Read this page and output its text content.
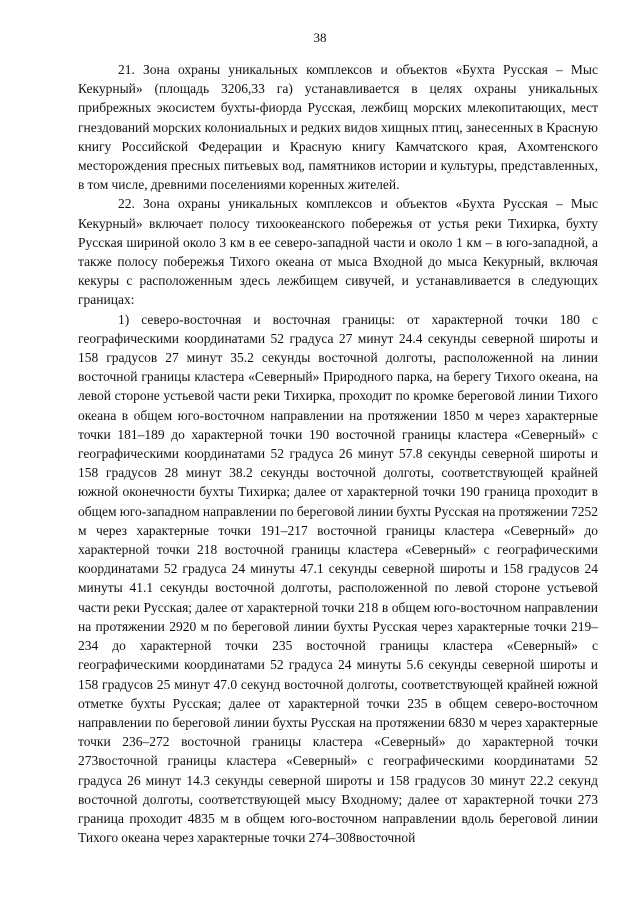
38

21. Зона охраны уникальных комплексов и объектов «Бухта Русская – Мыс Кекурный» (площадь 3206,33 га) устанавливается в целях охраны уникальных прибрежных экосистем бухты-фиорда Русская, лежбищ морских млекопитающих, мест гнездований морских колониальных и редких видов хищных птиц, занесенных в Красную книгу Российской Федерации и Красную книгу Камчатского края, Ахомтенского месторождения пресных питьевых вод, памятников истории и культуры, представленных, в том числе, древними поселениями коренных жителей.

22. Зона охраны уникальных комплексов и объектов «Бухта Русская – Мыс Кекурный» включает полосу тихоокеанского побережья от устья реки Тихирка, бухту Русская шириной около 3 км в ее северо-западной части и около 1 км – в юго-западной, а также полосу побережья Тихого океана от мыса Входной до мыса Кекурный, включая кекуры с расположенным здесь лежбищем сивучей, и устанавливается в следующих границах:

1) северо-восточная и восточная границы: от характерной точки 180 с географическими координатами 52 градуса 27 минут 24.4 секунды северной широты и 158 градусов 27 минут 35.2 секунды восточной долготы, расположенной на линии восточной границы кластера «Северный» Природного парка, на берегу Тихого океана, на левой стороне устьевой части реки Тихирка, проходит по кромке береговой линии Тихого океана в общем юго-восточном направлении на протяжении 1850 м через характерные точки 181–189 до характерной точки 190 восточной границы кластера «Северный» с географическими координатами 52 градуса 26 минут 57.8 секунды северной широты и 158 градусов 28 минут 38.2 секунды восточной долготы, соответствующей крайней южной оконечности бухты Тихирка; далее от характерной точки 190 граница проходит в общем юго-западном направлении по береговой линии бухты Русская на протяжении 7252 м через характерные точки 191–217 восточной границы кластера «Северный» до характерной точки 218 восточной границы кластера «Северный» с географическими координатами 52 градуса 24 минуты 47.1 секунды северной широты и 158 градусов 24 минуты 41.1 секунды восточной долготы, расположенной по левой стороне устьевой части реки Русская; далее от характерной точки 218 в общем юго-восточном направлении на протяжении 2920 м по береговой линии бухты Русская через характерные точки 219–234 до характерной точки 235 восточной границы кластера «Северный» с географическими координатами 52 градуса 24 минуты 5.6 секунды северной широты и 158 градусов 25 минут 47.0 секунд восточной долготы, соответствующей крайней южной отметке бухты Русская; далее от характерной точки 235 в общем северо-восточном направлении по береговой линии бухты Русская на протяжении 6830 м через характерные точки 236–272 восточной границы кластера «Северный» до характерной точки 273восточной границы кластера «Северный» с географическими координатами 52 градуса 26 минут 14.3 секунды северной широты и 158 градусов 30 минут 22.2 секунд восточной долготы, соответствующей мысу Входному; далее от характерной точки 273 граница проходит 4835 м в общем юго-восточном направлении вдоль береговой линии Тихого океана через характерные точки 274–308восточной
